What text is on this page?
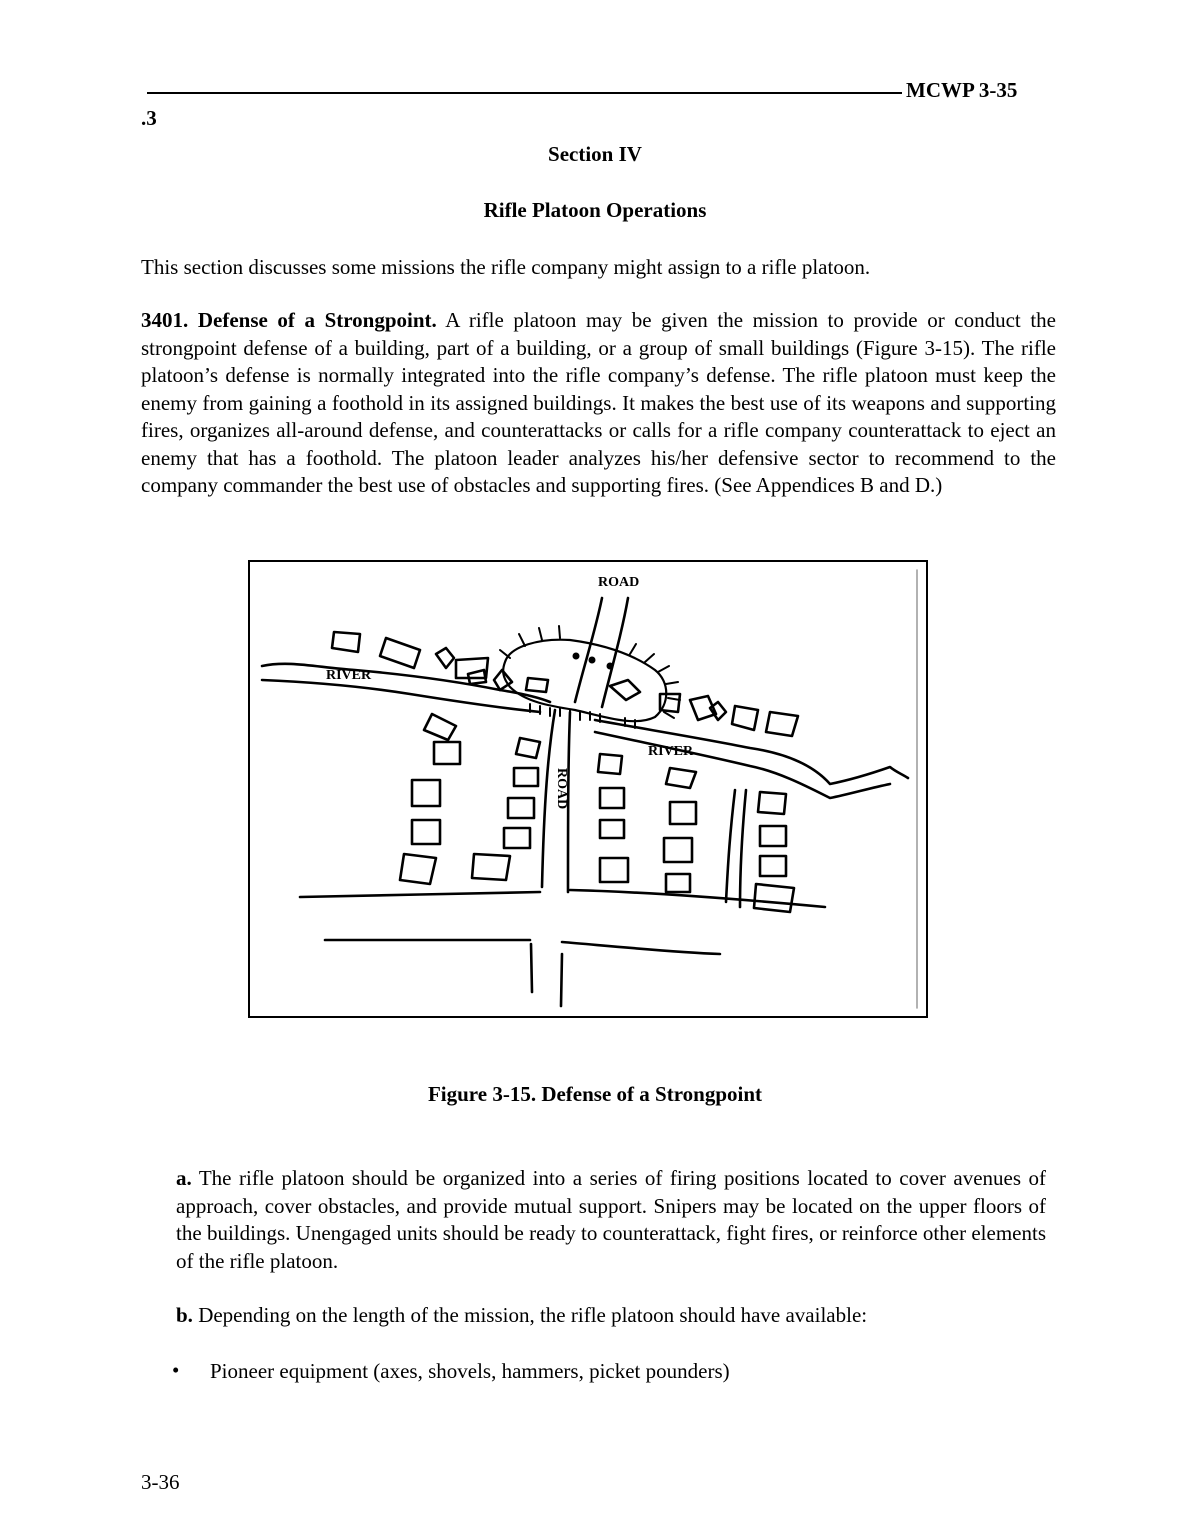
MCWP 3-35
.3
Section IV
Rifle Platoon Operations
This section discusses some missions the rifle company might assign to a rifle platoon.
3401. Defense of a Strongpoint. A rifle platoon may be given the mission to provide or conduct the strongpoint defense of a building, part of a building, or a group of small buildings (Figure 3-15). The rifle platoon’s defense is normally integrated into the rifle company’s defense. The rifle platoon must keep the enemy from gaining a foothold in its assigned buildings. It makes the best use of its weapons and supporting fires, organizes all-around defense, and counterattacks or calls for a rifle company counterattack to eject an enemy that has a foothold. The platoon leader analyzes his/her defensive sector to recommend to the company commander the best use of obstacles and supporting fires. (See Appendices B and D.)
ROAD
RIVER
RIVER
ROAD
Figure 3-15. Defense of a Strongpoint
a. The rifle platoon should be organized into a series of firing positions located to cover avenues of approach, cover obstacles, and provide mutual support. Snipers may be located on the upper floors of the buildings. Unengaged units should be ready to counterattack, fight fires, or reinforce other elements of the rifle platoon.
b. Depending on the length of the mission, the rifle platoon should have available:
• Pioneer equipment (axes, shovels, hammers, picket pounders)
3-36
